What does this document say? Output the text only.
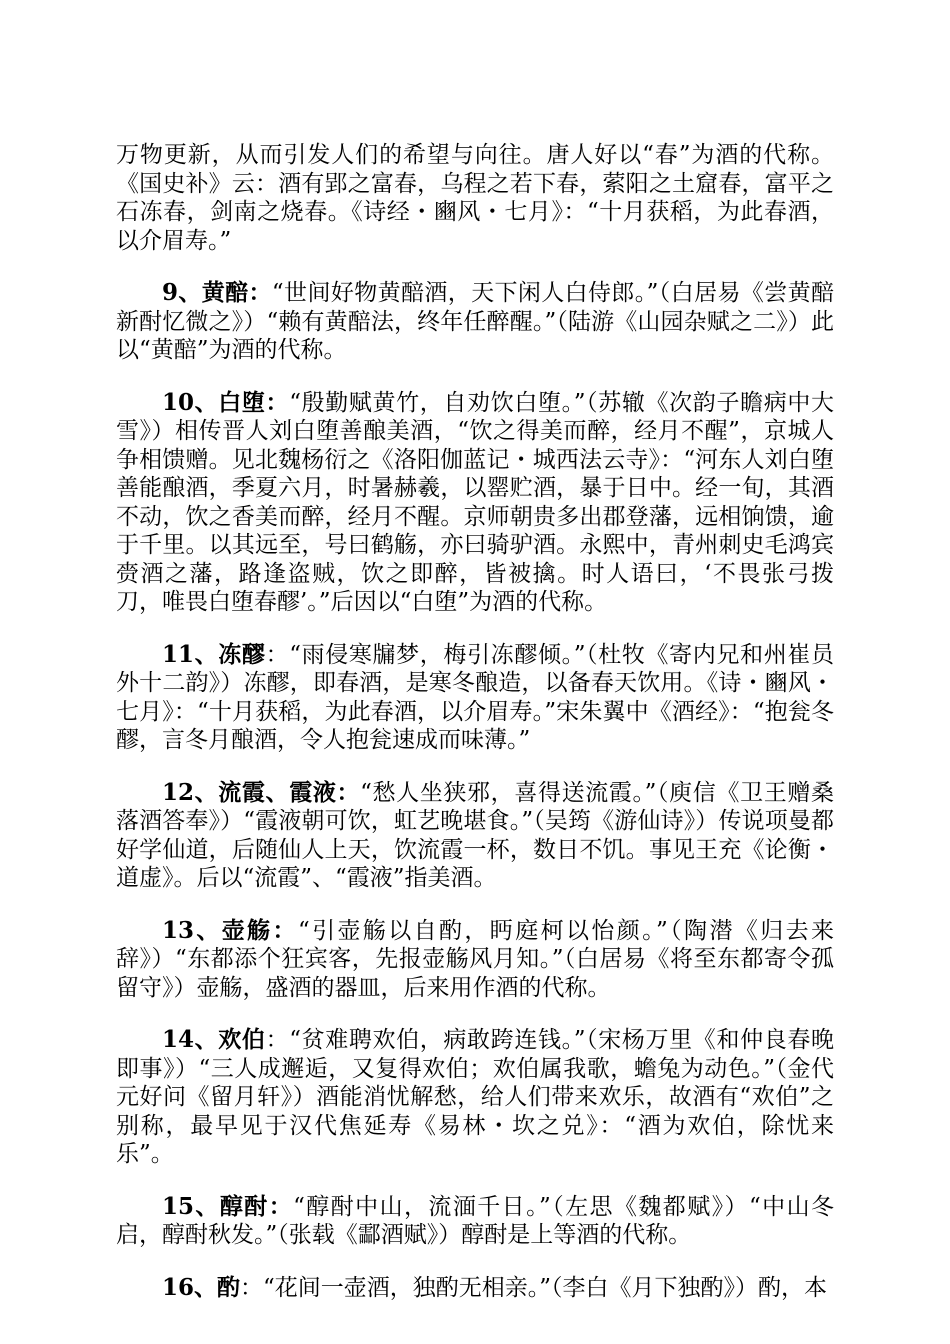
万物更新，从而引发人们的希望与向往。唐人好以“春”为酒的代称。《国史补》云：酒有郢之富春，乌程之若下春，萦阳之土窟春，富平之石冻春，剑南之烧春。《诗经・豳风・七月》：“十月获稻，为此春酒，以介眉寿。”

9、黄醅：“世间好物黄醅酒，天下闲人白侍郎。”（白居易《尝黄醅新酎忆微之》）“赖有黄醅法，终年任醉醒。”（陆游《山园杂赋之二》）此以“黄醅”为酒的代称。

10、白堕：“殷勤赋黄竹，自劝饮白堕。”（苏辙《次韵子瞻病中大雪》）相传晋人刘白堕善酿美酒，“饮之得美而醉，经月不醒”，京城人争相馈赠。见北魏杨衍之《洛阳伽蓝记・城西法云寺》：“河东人刘白堕善能酿酒，季夏六月，时暑赫羲，以罂贮酒，暴于日中。经一旬，其酒不动，饮之香美而醉，经月不醒。京师朝贵多出郡登藩，远相饷馈，逾于千里。以其远至，号曰鹤觞，亦曰骑驴酒。永熙中，青州刺史毛鸿宾赍酒之藩，路逢盗贼，饮之即醉，皆被擒。时人语曰，‘不畏张弓拨刀，唯畏白堕春醪’。”后因以“白堕”为酒的代称。

11、冻醪：“雨侵寒牖梦，梅引冻醪倾。”（杜牧《寄内兄和州崔员外十二韵》）冻醪，即春酒，是寒冬酿造，以备春天饮用。《诗・豳风・七月》：“十月获稻，为此春酒，以介眉寿。”宋朱翼中《酒经》：“抱瓮冬醪，言冬月酿酒，令人抱瓮速成而味薄。”

12、流霞、霞液：“愁人坐狭邪，喜得送流霞。”（庾信《卫王赠桑落酒答奉》）“霞液朝可饮，虹艺晚堪食。”（吴筠《游仙诗》）传说项曼都好学仙道，后随仙人上天，饮流霞一杯，数日不饥。事见王充《论衡・道虚》。后以“流霞”、“霞液”指美酒。

13、壶觞：“引壶觞以自酌，眄庭柯以怡颜。”（陶潜《归去来辞》）“东都添个狂宾客，先报壶觞风月知。”（白居易《将至东都寄令孤留守》）壶觞，盛酒的器皿，后来用作酒的代称。

14、欢伯：“贫难聘欢伯，病敢跨连钱。”（宋杨万里《和仲良春晚即事》）“三人成邂逅，又复得欢伯；欢伯属我歌，蟾兔为动色。”（金代元好问《留月轩》）酒能消忧解愁，给人们带来欢乐，故酒有“欢伯”之别称，最早见于汉代焦延寿《易林・坎之兑》：“酒为欢伯，除忧来乐”。

15、醇酎：“醇酎中山，流湎千日。”（左思《魏都赋》）“中山冬启，醇酎秋发。”（张载《酃酒赋》）醇酎是上等酒的代称。

16、酌：“花间一壶酒，独酌无相亲。”（李白《月下独酌》）酌，本
